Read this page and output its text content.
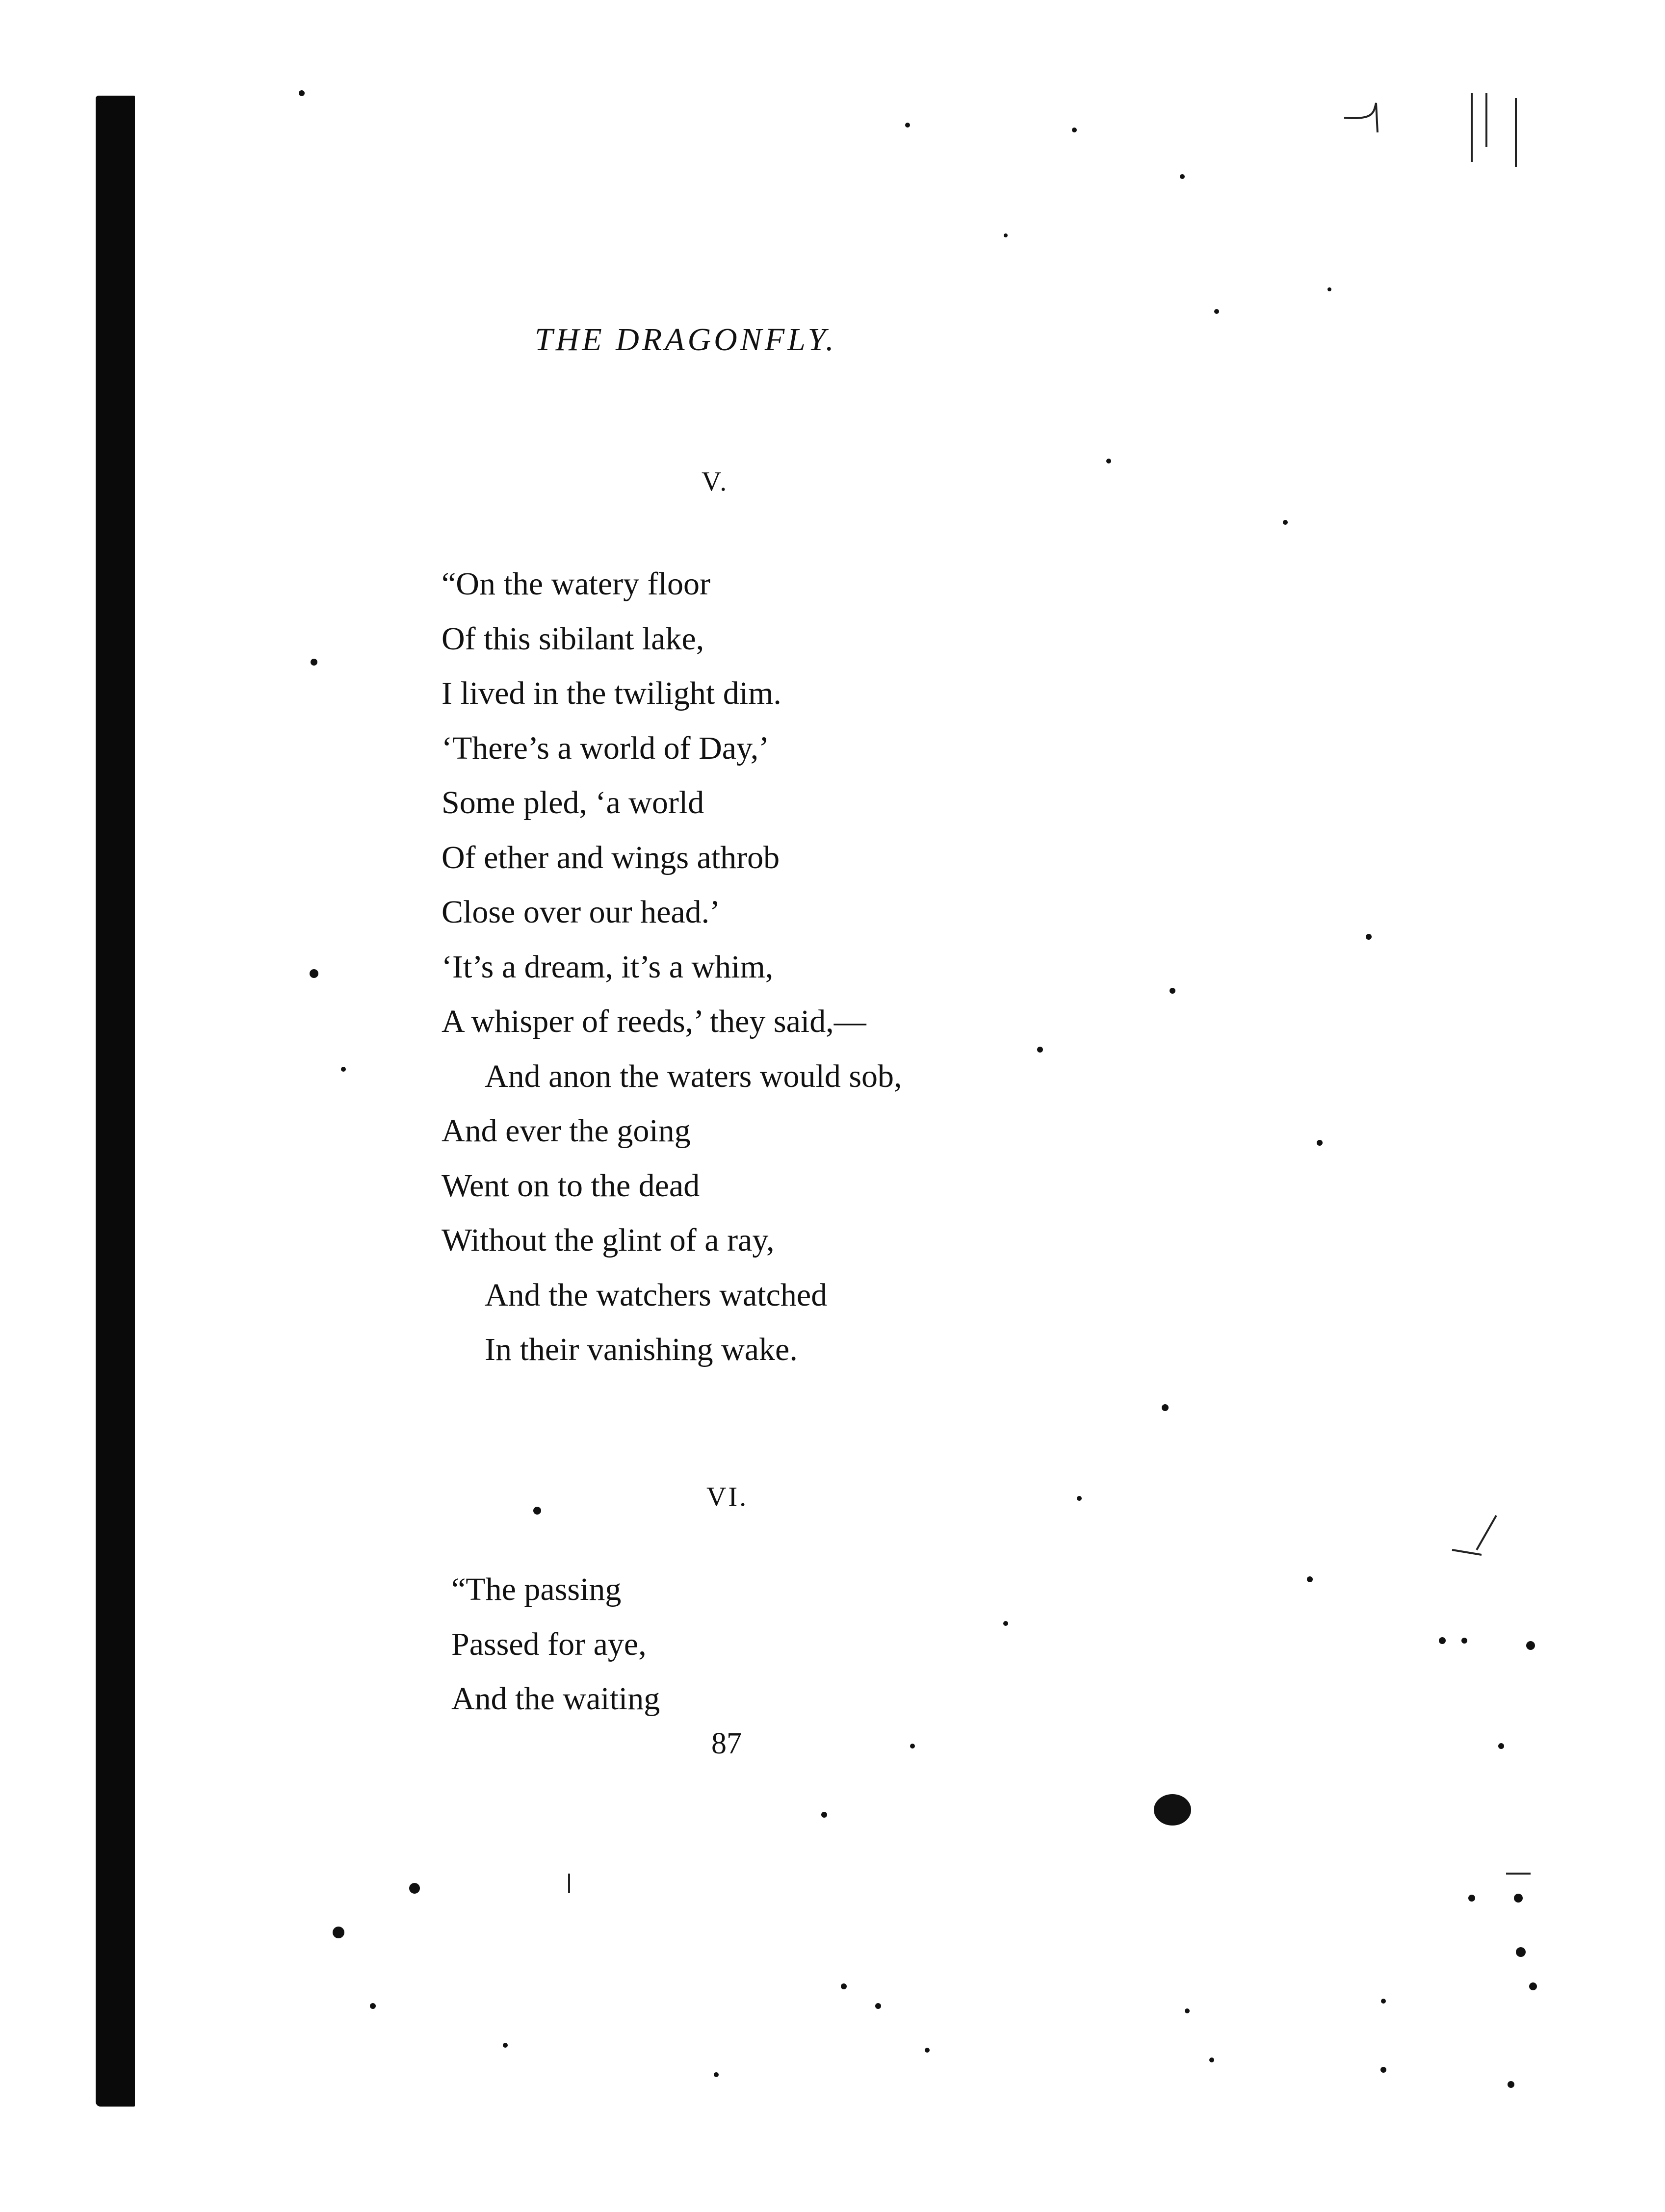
THE DRAGONFLY.
V.
“On the watery floor
Of this sibilant lake,
I lived in the twilight dim.
‘There’s a world of Day,’
Some pled, ‘a world
Of ether and wings athrob
Close over our head.’
‘It’s a dream, it’s a whim,
A whisper of reeds,’ they said,—
And anon the waters would sob,
And ever the going
Went on to the dead
Without the glint of a ray,
And the watchers watched
In their vanishing wake.
VI.
“The passing
Passed for aye,
And the waiting
87
